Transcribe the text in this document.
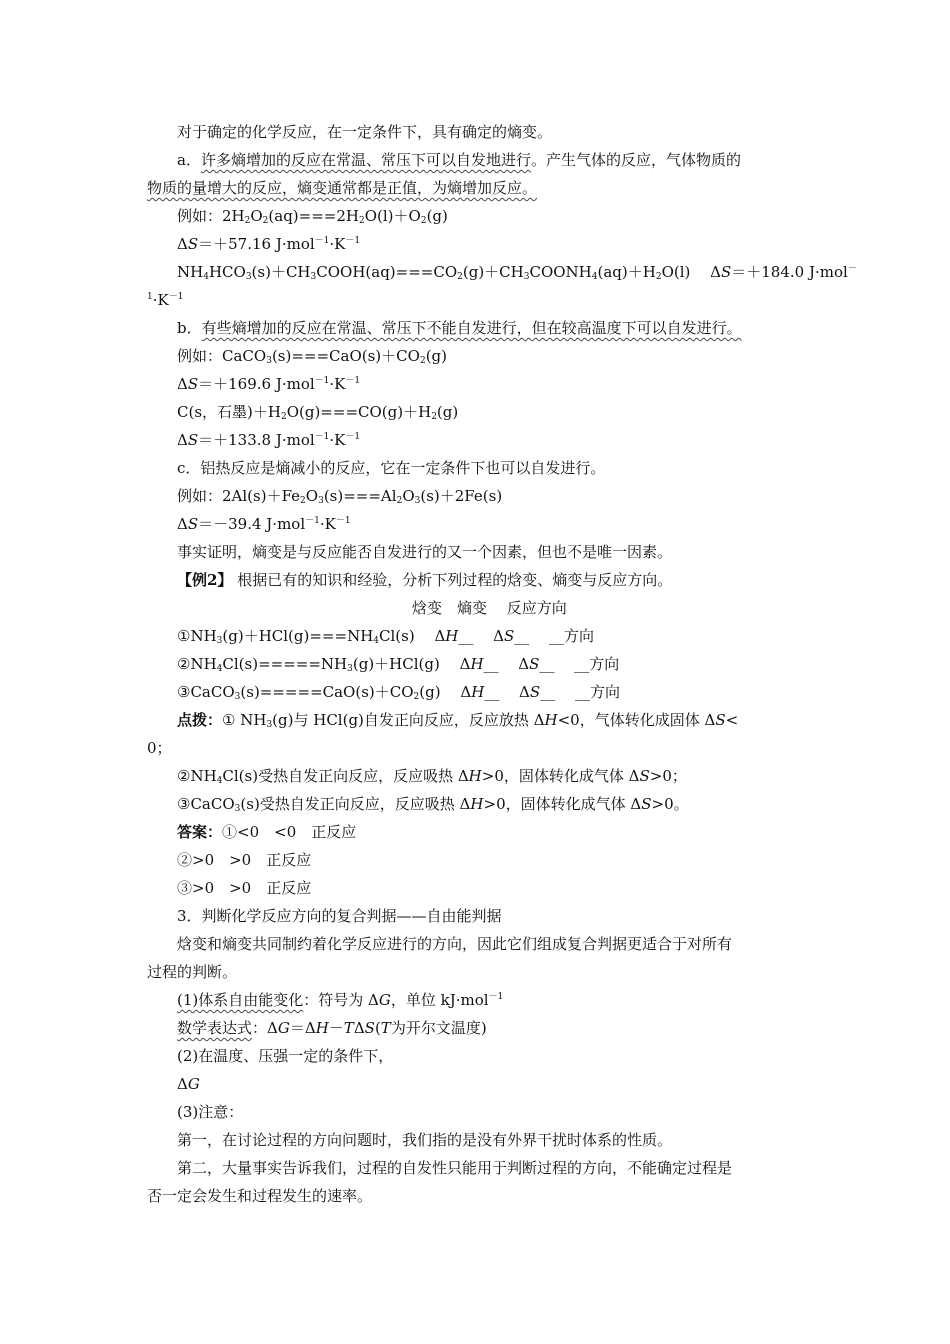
对于确定的化学反应，在一定条件下，具有确定的熵变。
a．许多熵增加的反应在常温、常压下可以自发地进行。产生气体的反应，气体物质的
物质的量增大的反应，熵变通常都是正值，为熵增加反应。
例如：$2H_2O_2(aq)===2H_2O(l)+O_2(g)$
ΔS＝＋57.16 $J\cdot mol^{-1}\cdot K^{-1}$
$NH_4HCO_3(s)+CH_3COOH(aq)===CO_2(g)+CH_3COONH_4(aq)+H_2O(l)$　 ΔS＝＋184.0 J·mol－
$^1\cdot K^{-1}$
b．有些熵增加的反应在常温、常压下不能自发进行，但在较高温度下可以自发进行。
例如：$CaCO_3(s)===CaO(s)+CO_2(g)$
ΔS＝＋169.6 $J\cdot mol^{-1}\cdot K^{-1}$
C(s，石墨)$+H_2O(g)===CO(g)+H_2(g)$
ΔS＝＋133.8 $J\cdot mol^{-1}\cdot K^{-1}$
c．铝热反应是熵减小的反应，它在一定条件下也可以自发进行。
例如：$2Al(s)+Fe_2O_3(s)===Al_2O_3(s)+2Fe(s)$
ΔS＝－39.4 $J\cdot mol^{-1}\cdot K^{-1}$
事实证明，熵变是与反应能否自发进行的又一个因素，但也不是唯一因素。
【例2】 根据已有的知识和经验，分析下列过程的焓变、熵变与反应方向。
焓变　熵变　 反应方向
$①NH_3(g)+HCl(g)===NH_4Cl(s)$　 ΔH__　 ΔS__　 __方向
$②NH_4Cl(s)=====NH_3(g)+HCl(g)$　 ΔH__　 ΔS__　 __方向
$③CaCO_3(s)=====CaO(s)+CO_2(g)$　 ΔH__　 ΔS__　 __方向
点拨：① $NH_3(g)$与 HCl(g)自发正向反应，反应放热 ΔH<0，气体转化成固体 ΔS<
0；
$②NH_4Cl(s)$受热自发正向反应，反应吸热 ΔH>0，固体转化成气体 ΔS>0；
③CaCO$_3$(s)受热自发正向反应，反应吸热 ΔH>0，固体转化成气体 ΔS>0。
答案：①<0　<0　正反应
②>0　>0　正反应
③>0　>0　正反应
3．判断化学反应方向的复合判据——自由能判据
焓变和熵变共同制约着化学反应进行的方向，因此它们组成复合判据更适合于对所有
过程的判断。
(1)体系自由能变化：符号为 ΔG，单位 kJ·mol$^{-1}$
数学表达式：ΔG＝ΔH－TΔS(T为开尔文温度)
(2)在温度、压强一定的条件下，
ΔG
(3)注意：
第一，在讨论过程的方向问题时，我们指的是没有外界干扰时体系的性质。
第二，大量事实告诉我们，过程的自发性只能用于判断过程的方向，不能确定过程是
否一定会发生和过程发生的速率。
